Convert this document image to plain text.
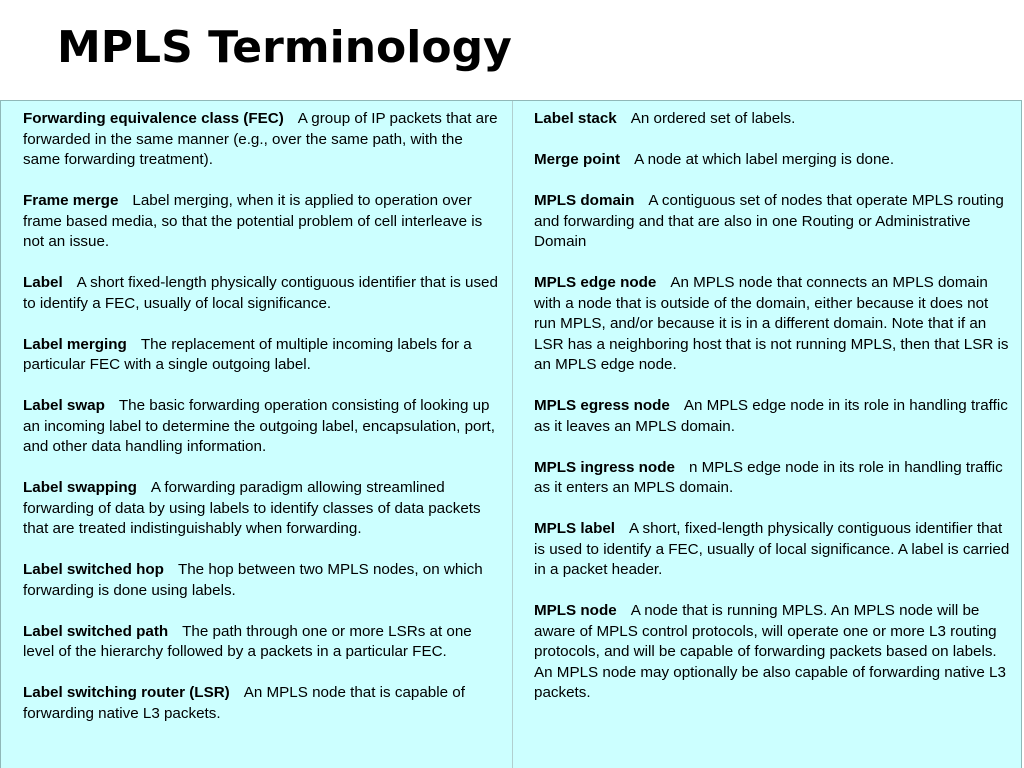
MPLS Terminology

Forwarding equivalence class (FEC) A group of IP packets that are forwarded in the same manner (e.g., over the same path, with the same forwarding treatment).

Frame merge Label merging, when it is applied to operation over frame based media, so that the potential problem of cell interleave is not an issue.

Label A short fixed-length physically contiguous identifier that is used to identify a FEC, usually of local significance.

Label merging The replacement of multiple incoming labels for a particular FEC with a single outgoing label.

Label swap The basic forwarding operation consisting of looking up an incoming label to determine the outgoing label, encapsulation, port, and other data handling information.

Label swapping A forwarding paradigm allowing streamlined forwarding of data by using labels to identify classes of data packets that are treated indistinguishably when forwarding.

Label switched hop The hop between two MPLS nodes, on which forwarding is done using labels.

Label switched path The path through one or more LSRs at one level of the hierarchy followed by a packets in a particular FEC.

Label switching router (LSR) An MPLS node that is capable of forwarding native L3 packets.

Label stack An ordered set of labels.

Merge point A node at which label merging is done.

MPLS domain A contiguous set of nodes that operate MPLS routing and forwarding and that are also in one Routing or Administrative Domain

MPLS edge node An MPLS node that connects an MPLS domain with a node that is outside of the domain, either because it does not run MPLS, and/or because it is in a different domain. Note that if an LSR has a neighboring host that is not running MPLS, then that LSR is an MPLS edge node.

MPLS egress node An MPLS edge node in its role in handling traffic as it leaves an MPLS domain.

MPLS ingress node n MPLS edge node in its role in handling traffic as it enters an MPLS domain.

MPLS label A short, fixed-length physically contiguous identifier that is used to identify a FEC, usually of local significance. A label is carried in a packet header.

MPLS node A node that is running MPLS. An MPLS node will be aware of MPLS control protocols, will operate one or more L3 routing protocols, and will be capable of forwarding packets based on labels. An MPLS node may optionally be also capable of forwarding native L3 packets.
